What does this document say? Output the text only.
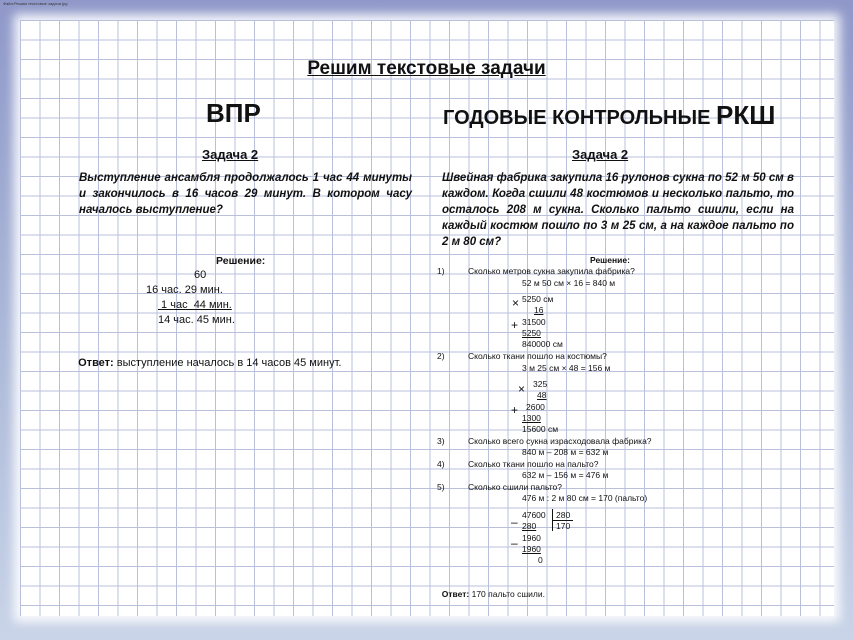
Файл:Решим текстовые задачи.jpg
Решим текстовые задачи
ВПР
Задача 2
Выступление ансамбля продолжалось 1 час 44 минуты и закончилось в 16 часов 29 минут. В котором часу началось выступление?
Решение:
60
16 час. 29 мин.
1 час  44 мин.
14 час. 45 мин.

Ответ: выступление началось в 14 часов 45 минут.

ГОДОВЫЕ КОНТРОЛЬНЫЕ РКШ
Задача 2
Швейная фабрика закупила 16 рулонов сукна по 52 м 50 см в каждом. Когда сшили 48 костюмов и несколько пальто, то осталось 208 м сукна. Сколько пальто сшили, если на каждый костюм пошло по 3 м 25 см, а на каждое пальто по 2 м 80 см?
Решение:
1)	Сколько метров сукна закупила фабрика?
52 м 50 см × 16 = 840 м
× 5250 см
16
+ 31500
5250
840000 см
2)	Сколько ткани пошло на костюмы?
3 м 25 см × 48 = 156 м
× 325
48
+ 2600
1300
15600 см
3)	Сколько всего сукна израсходовала фабрика?
840 м – 208 м = 632 м
4)	Сколько ткани пошло на пальто?
632 м – 156 м = 476 м
5)	Сколько сшили пальто?
476 м : 2 м 80 см = 170 (пальто)
– 47600 280
280 170
– 1960
1960
0

Ответ: 170 пальто сшили.
